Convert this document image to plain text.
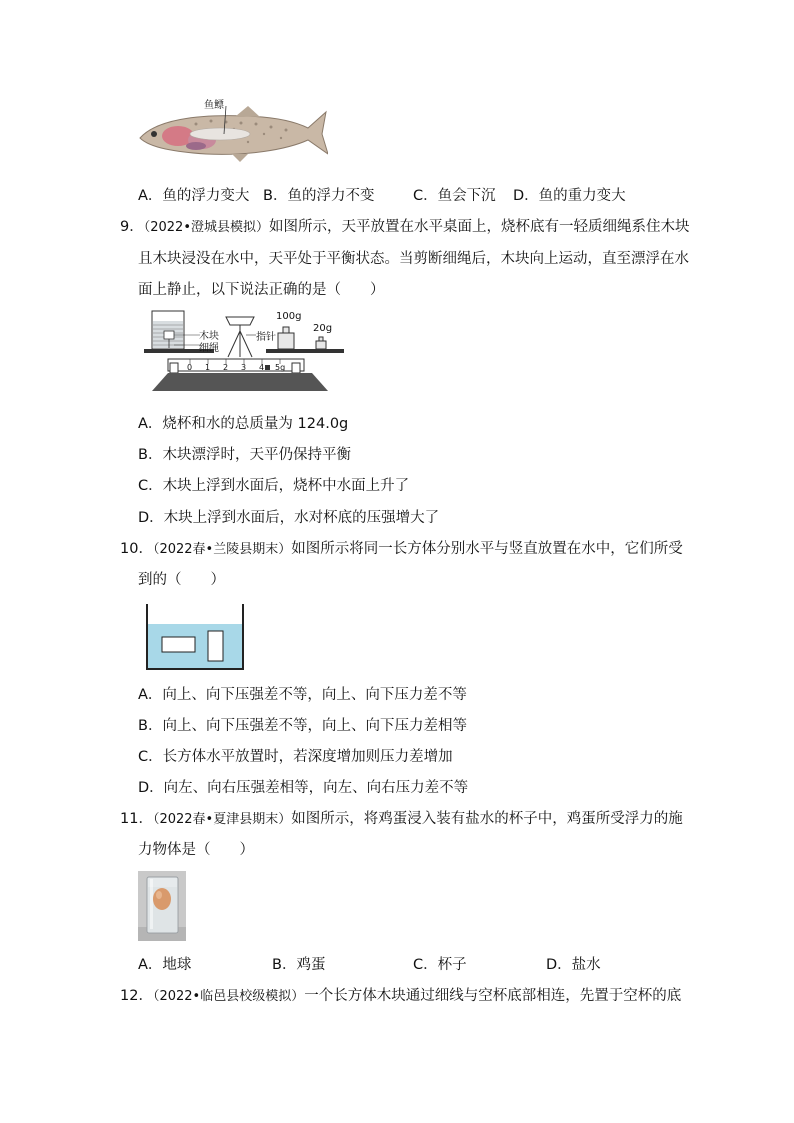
鱼鳔
A．鱼的浮力变大 B．鱼的浮力不变	C．鱼会下沉 D．鱼的重力变大
9．（2022•澄城县模拟）如图所示，天平放置在水平桌面上，烧杯底有一轻质细绳系住木块
且木块浸没在水中，天平处于平衡状态。当剪断细绳后，木块向上运动，直至漂浮在水
面上静止，以下说法正确的是（　　）
木块
细绳
指针
100g
20g
0 1 2 3 4 5g
A．烧杯和水的总质量为 124.0g
B．木块漂浮时，天平仍保持平衡
C．木块上浮到水面后，烧杯中水面上升了
D．木块上浮到水面后，水对杯底的压强增大了
10．（2022春•兰陵县期末）如图所示将同一长方体分别水平与竖直放置在水中，它们所受
到的（　　）
A．向上、向下压强差不等，向上、向下压力差不等
B．向上、向下压强差不等，向上、向下压力差相等
C．长方体水平放置时，若深度增加则压力差增加
D．向左、向右压强差相等，向左、向右压力差不等
11．（2022春•夏津县期末）如图所示，将鸡蛋浸入装有盐水的杯子中，鸡蛋所受浮力的施
力物体是（　　）
A．地球	B．鸡蛋	C．杯子	D．盐水
12．（2022•临邑县校级模拟）一个长方体木块通过细线与空杯底部相连，先置于空杯的底
